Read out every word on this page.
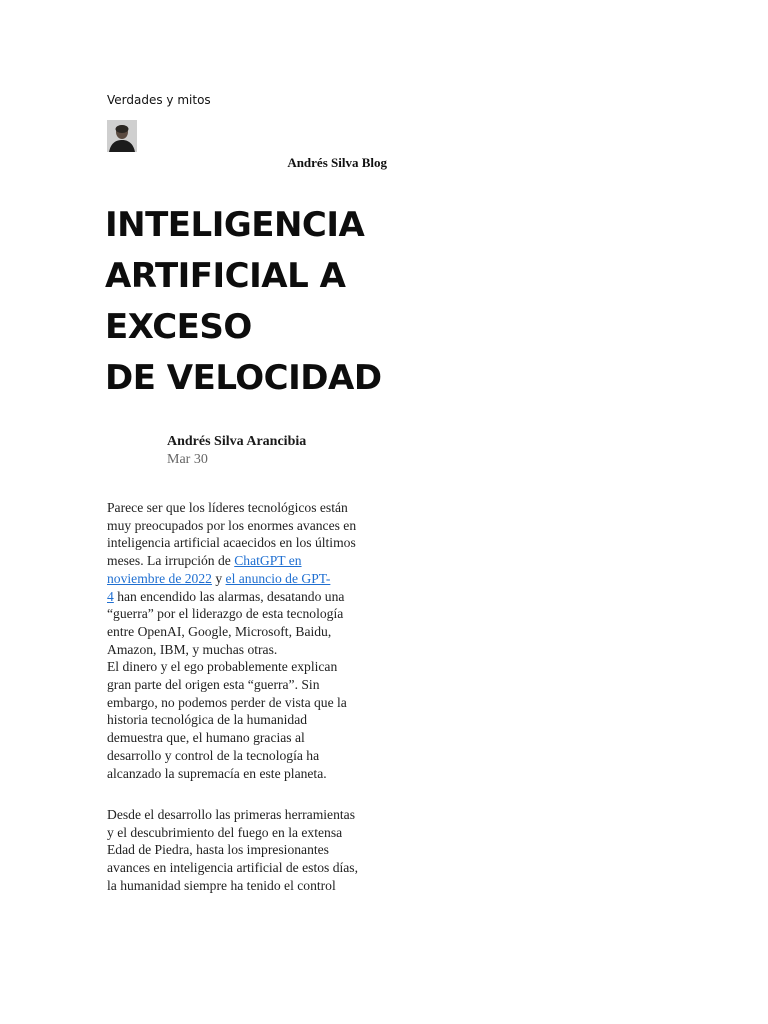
Verdades y mitos
Andrés Silva Blog
INTELIGENCIA
ARTIFICIAL A
EXCESO
DE VELOCIDAD
Andrés Silva Arancibia
Mar 30

Parece ser que los líderes tecnológicos están
muy preocupados por los enormes avances en
inteligencia artificial acaecidos en los últimos
meses. La irrupción de ChatGPT en
noviembre de 2022 y el anuncio de GPT-
4 han encendido las alarmas, desatando una
“guerra” por el liderazgo de esta tecnología
entre OpenAI, Google, Microsoft, Baidu,
Amazon, IBM, y muchas otras.
El dinero y el ego probablemente explican
gran parte del origen esta “guerra”. Sin
embargo, no podemos perder de vista que la
historia tecnológica de la humanidad
demuestra que, el humano gracias al
desarrollo y control de la tecnología ha
alcanzado la supremacía en este planeta.

Desde el desarrollo las primeras herramientas
y el descubrimiento del fuego en la extensa
Edad de Piedra, hasta los impresionantes
avances en inteligencia artificial de estos días,
la humanidad siempre ha tenido el control
